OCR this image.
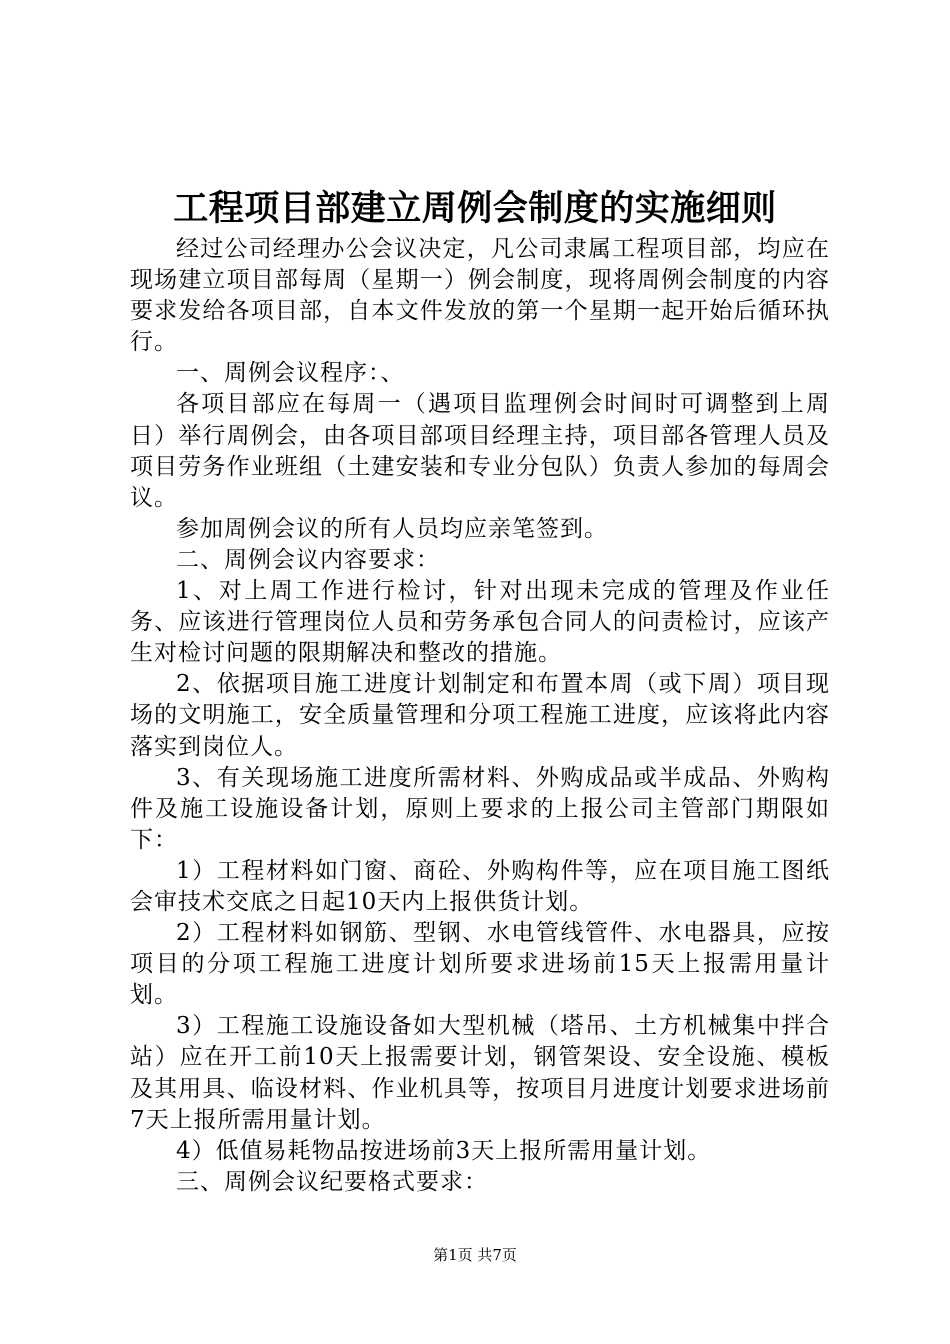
工程项目部建立周例会制度的实施细则

经过公司经理办公会议决定，凡公司隶属工程项目部，均应在现场建立项目部每周（星期一）例会制度，现将周例会制度的内容要求发给各项目部，自本文件发放的第一个星期一起开始后循环执行。

一、周例会议程序：、

各项目部应在每周一（遇项目监理例会时间时可调整到上周日）举行周例会，由各项目部项目经理主持，项目部各管理人员及项目劳务作业班组（土建安装和专业分包队）负责人参加的每周会议。

参加周例会议的所有人员均应亲笔签到。

二、周例会议内容要求：

1、对上周工作进行检讨，针对出现未完成的管理及作业任务、应该进行管理岗位人员和劳务承包合同人的问责检讨，应该产生对检讨问题的限期解决和整改的措施。

2、依据项目施工进度计划制定和布置本周（或下周）项目现场的文明施工，安全质量管理和分项工程施工进度，应该将此内容落实到岗位人。

3、有关现场施工进度所需材料、外购成品或半成品、外购构件及施工设施设备计划，原则上要求的上报公司主管部门期限如下：

1）工程材料如门窗、商砼、外购构件等，应在项目施工图纸会审技术交底之日起10天内上报供货计划。

2）工程材料如钢筋、型钢、水电管线管件、水电器具，应按项目的分项工程施工进度计划所要求进场前15天上报需用量计划。

3）工程施工设施设备如大型机械（塔吊、土方机械集中拌合站）应在开工前10天上报需要计划，钢管架设、安全设施、模板及其用具、临设材料、作业机具等，按项目月进度计划要求进场前7天上报所需用量计划。

4）低值易耗物品按进场前3天上报所需用量计划。

三、周例会议纪要格式要求：

第1页 共7页
